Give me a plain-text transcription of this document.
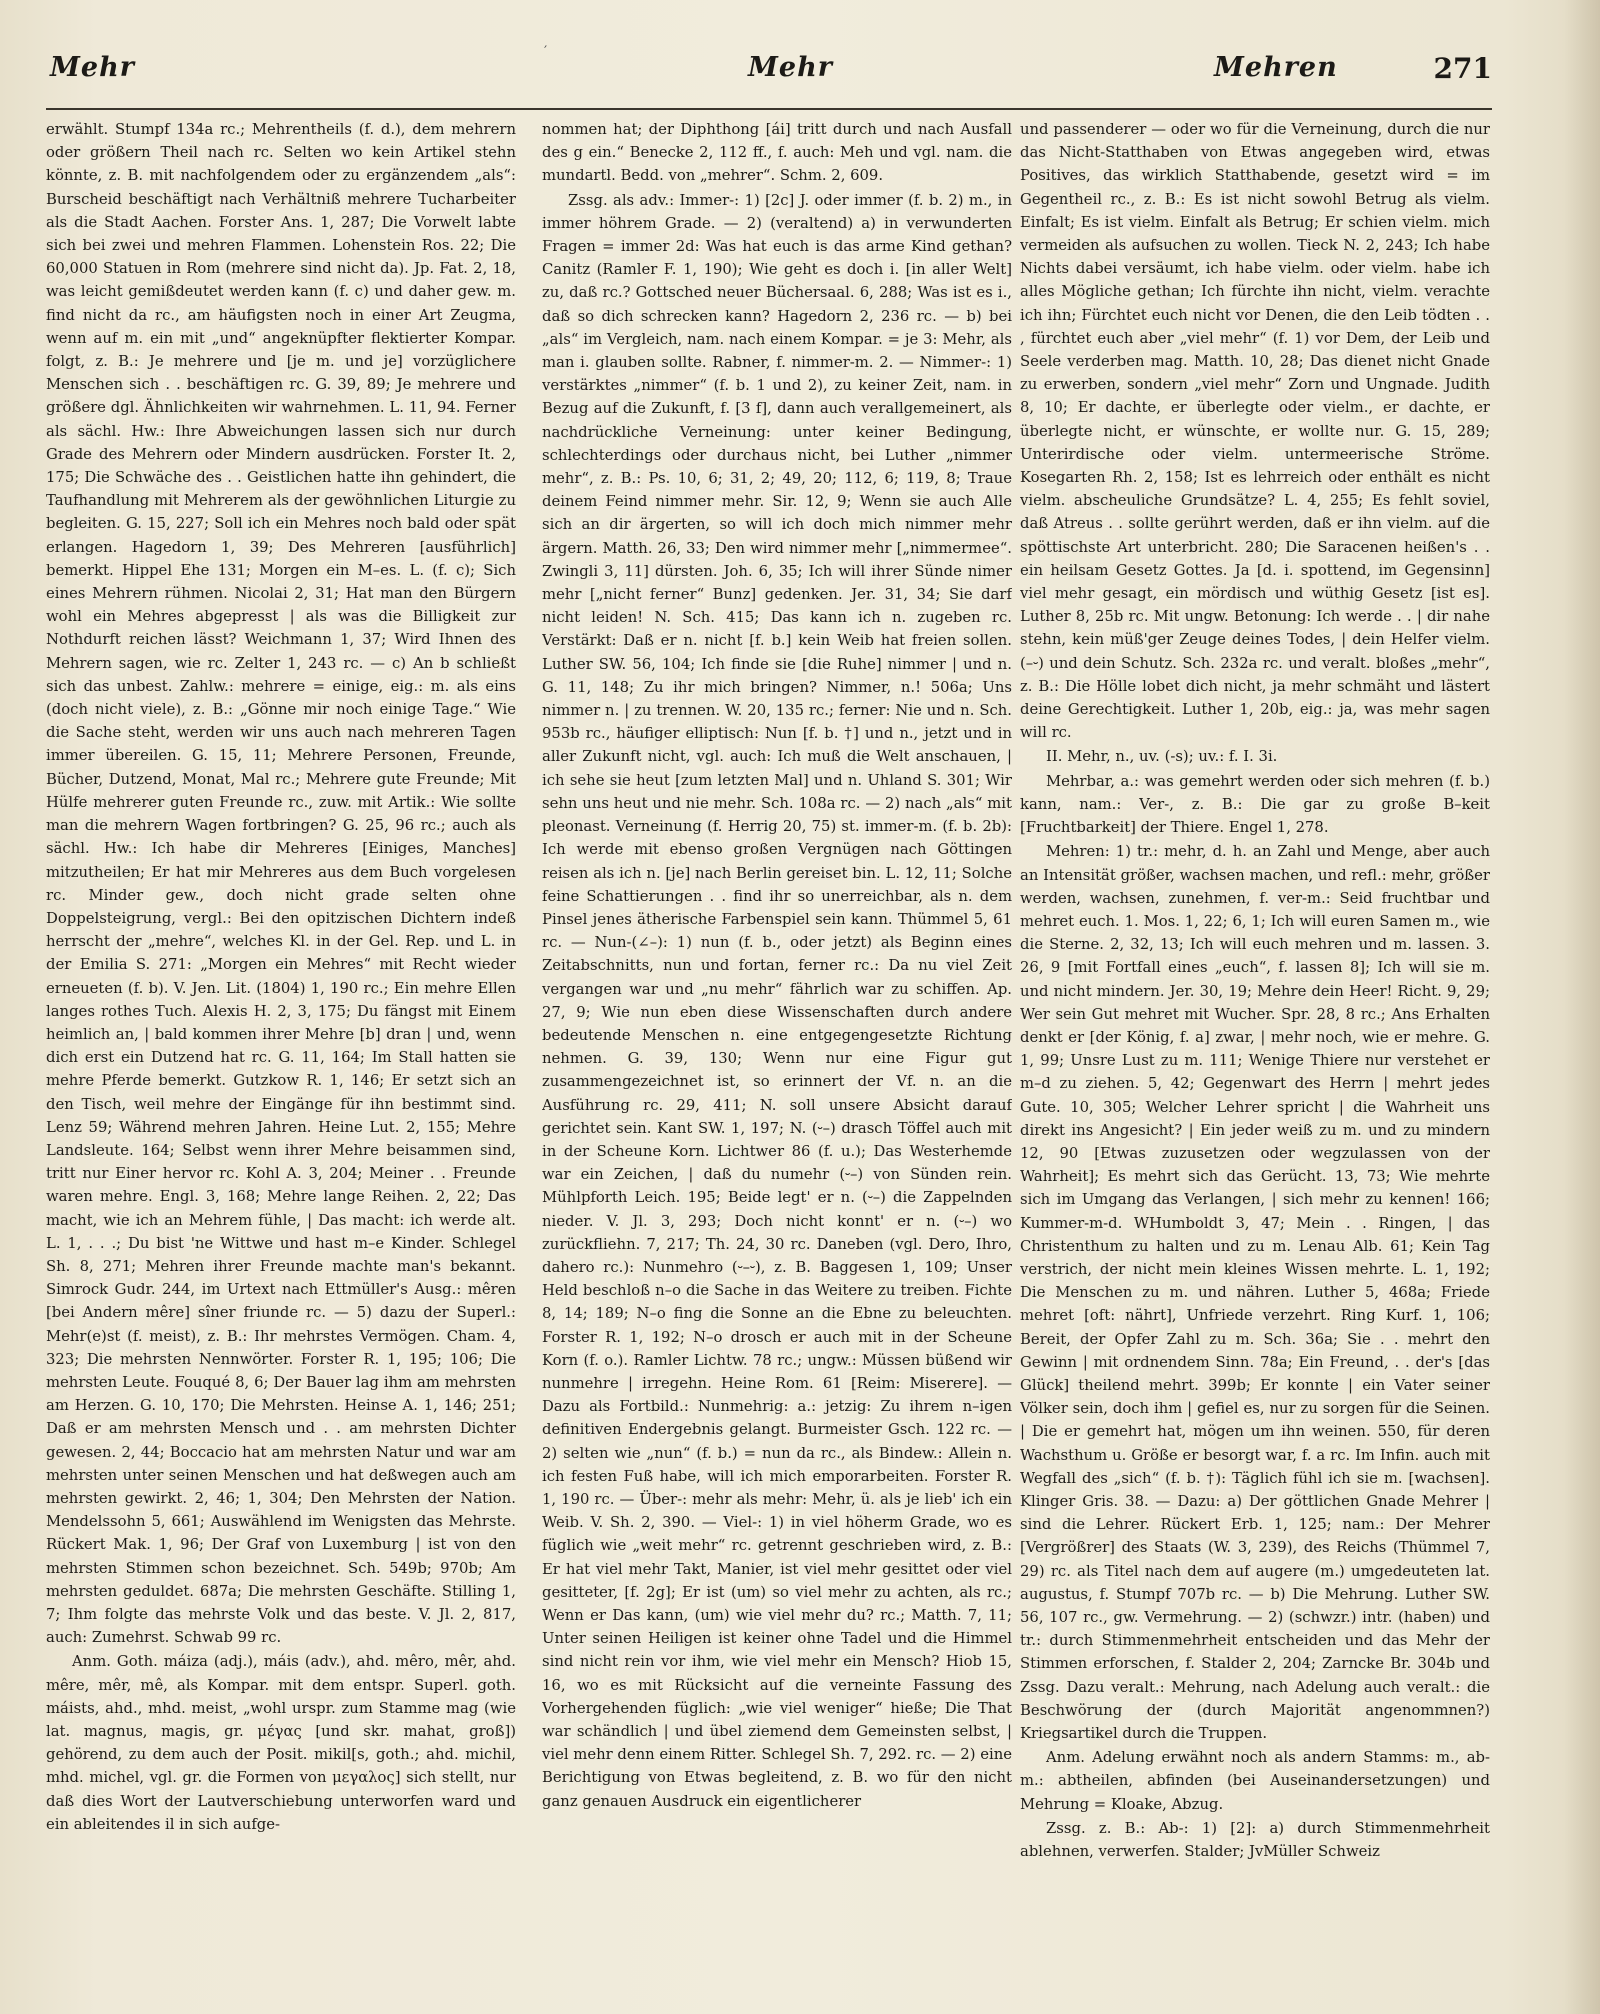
′
Mehr	Mehr	Mehren	271

erwählt. Stumpf 134a rc.; Mehrentheils (f. d.), dem mehrern oder größern Theil nach rc. Selten wo kein Artikel stehn könnte, z. B. mit nachfolgendem oder zu ergänzendem „als“: Burscheid beschäftigt nach Verhältniß mehrere Tucharbeiter als die Stadt Aachen. Forster Ans. 1, 287; Die Vorwelt labte sich bei zwei und mehren Flammen. Lohenstein Ros. 22; Die 60,000 Statuen in Rom (mehrere sind nicht da). Jp. Fat. 2, 18, was leicht gemißdeutet werden kann (f. c) und daher gew. m. find nicht da rc., am häufigsten noch in einer Art Zeugma, wenn auf m. ein mit „und“ angeknüpfter flektierter Kompar. folgt, z. B.: Je mehrere und [je m. und je] vorzüglichere Menschen sich . . beschäftigen rc. G. 39, 89; Je mehrere und größere dgl. Ähnlichkeiten wir wahrnehmen. L. 11, 94. Ferner als sächl. Hw.: Ihre Abweichungen lassen sich nur durch Grade des Mehrern oder Mindern ausdrücken. Forster It. 2, 175; Die Schwäche des . . Geistlichen hatte ihn gehindert, die Taufhandlung mit Mehrerem als der gewöhnlichen Liturgie zu begleiten. G. 15, 227; Soll ich ein Mehres noch bald oder spät erlangen. Hagedorn 1, 39; Des Mehreren [ausführlich] bemerkt. Hippel Ehe 131; Morgen ein M–es. L. (f. c); Sich eines Mehrern rühmen. Nicolai 2, 31; Hat man den Bürgern wohl ein Mehres abgepresst | als was die Billigkeit zur Nothdurft reichen lässt? Weichmann 1, 37; Wird Ihnen des Mehrern sagen, wie rc. Zelter 1, 243 rc. — c) An b schließt sich das unbest. Zahlw.: mehrere = einige, eig.: m. als eins (doch nicht viele), z. B.: „Gönne mir noch einige Tage.“ Wie die Sache steht, werden wir uns auch nach mehreren Tagen immer übereilen. G. 15, 11; Mehrere Personen, Freunde, Bücher, Dutzend, Monat, Mal rc.; Mehrere gute Freunde; Mit Hülfe mehrerer guten Freunde rc., zuw. mit Artik.: Wie sollte man die mehrern Wagen fortbringen? G. 25, 96 rc.; auch als sächl. Hw.: Ich habe dir Mehreres [Einiges, Manches] mitzutheilen; Er hat mir Mehreres aus dem Buch vorgelesen rc. Minder gew., doch nicht grade selten ohne Doppelsteigrung, vergl.: Bei den opitzischen Dichtern indeß herrscht der „mehre“, welches Kl. in der Gel. Rep. und L. in der Emilia S. 271: „Morgen ein Mehres“ mit Recht wieder erneueten (f. b). V. Jen. Lit. (1804) 1, 190 rc.; Ein mehre Ellen langes rothes Tuch. Alexis H. 2, 3, 175; Du fängst mit Einem heimlich an, | bald kommen ihrer Mehre [b] dran | und, wenn dich erst ein Dutzend hat rc. G. 11, 164; Im Stall hatten sie mehre Pferde bemerkt. Gutzkow R. 1, 146; Er setzt sich an den Tisch, weil mehre der Eingänge für ihn bestimmt sind. Lenz 59; Während mehren Jahren. Heine Lut. 2, 155; Mehre Landsleute. 164; Selbst wenn ihrer Mehre beisammen sind, tritt nur Einer hervor rc. Kohl A. 3, 204; Meiner . . Freunde waren mehre. Engl. 3, 168; Mehre lange Reihen. 2, 22; Das macht, wie ich an Mehrem fühle, | Das macht: ich werde alt. L. 1, . . .; Du bist 'ne Wittwe und hast m–e Kinder. Schlegel Sh. 8, 271; Mehren ihrer Freunde machte man's bekannt. Simrock Gudr. 244, im Urtext nach Ettmüller's Ausg.: mêren [bei Andern mêre] sîner friunde rc. — 5) dazu der Superl.: Mehr(e)st (f. meist), z. B.: Ihr mehrstes Vermögen. Cham. 4, 323; Die mehrsten Nennwörter. Forster R. 1, 195; 106; Die mehrsten Leute. Fouqué 8, 6; Der Bauer lag ihm am mehrsten am Herzen. G. 10, 170; Die Mehrsten. Heinse A. 1, 146; 251; Daß er am mehrsten Mensch und . . am mehrsten Dichter gewesen. 2, 44; Boccacio hat am mehrsten Natur und war am mehrsten unter seinen Menschen und hat deßwegen auch am mehrsten gewirkt. 2, 46; 1, 304; Den Mehrsten der Nation. Mendelssohn 5, 661; Auswählend im Wenigsten das Mehrste. Rückert Mak. 1, 96; Der Graf von Luxemburg | ist von den mehrsten Stimmen schon bezeichnet. Sch. 549b; 970b; Am mehrsten geduldet. 687a; Die mehrsten Geschäfte. Stilling 1, 7; Ihm folgte das mehrste Volk und das beste. V. Jl. 2, 817, auch: Zumehrst. Schwab 99 rc.

Anm. Goth. máiza (adj.), máis (adv.), ahd. mêro, mêr, ahd. mêre, mêr, mê, als Kompar. mit dem entspr. Superl. goth. máists, ahd., mhd. meist, „wohl urspr. zum Stamme mag (wie lat. magnus, magis, gr. μέγας [und skr. mahat, groß]) gehörend, zu dem auch der Posit. mikil[s, goth.; ahd. michil, mhd. michel, vgl. gr. die Formen von μεγαλος] sich stellt, nur daß dies Wort der Lautverschiebung unterworfen ward und ein ableitendes il in sich aufge-

nommen hat; der Diphthong [ái] tritt durch und nach Ausfall des g ein.“ Benecke 2, 112 ff., f. auch: Meh und vgl. nam. die mundartl. Bedd. von „mehrer“. Schm. 2, 609.

Zssg. als adv.: Immer-: 1) [2c] J. oder immer (f. b. 2) m., in immer höhrem Grade. — 2) (veraltend) a) in verwunderten Fragen = immer 2d: Was hat euch is das arme Kind gethan? Canitz (Ramler F. 1, 190); Wie geht es doch i. [in aller Welt] zu, daß rc.? Gottsched neuer Büchersaal. 6, 288; Was ist es i., daß so dich schrecken kann? Hagedorn 2, 236 rc. — b) bei „als“ im Vergleich, nam. nach einem Kompar. = je 3: Mehr, als man i. glauben sollte. Rabner, f. nimmer-m. 2. — Nimmer-: 1) verstärktes „nimmer“ (f. b. 1 und 2), zu keiner Zeit, nam. in Bezug auf die Zukunft, f. [3 f], dann auch verallgemeinert, als nachdrückliche Verneinung: unter keiner Bedingung, schlechterdings oder durchaus nicht, bei Luther „nimmer mehr“, z. B.: Ps. 10, 6; 31, 2; 49, 20; 112, 6; 119, 8; Traue deinem Feind nimmer mehr. Sir. 12, 9; Wenn sie auch Alle sich an dir ärgerten, so will ich doch mich nimmer mehr ärgern. Matth. 26, 33; Den wird nimmer mehr [„nimmermee“. Zwingli 3, 11] dürsten. Joh. 6, 35; Ich will ihrer Sünde nimer mehr [„nicht ferner“ Bunz] gedenken. Jer. 31, 34; Sie darf nicht leiden! N. Sch. 415; Das kann ich n. zugeben rc. Verstärkt: Daß er n. nicht [f. b.] kein Weib hat freien sollen. Luther SW. 56, 104; Ich finde sie [die Ruhe] nimmer | und n. G. 11, 148; Zu ihr mich bringen? Nimmer, n.! 506a; Uns nimmer n. | zu trennen. W. 20, 135 rc.; ferner: Nie und n. Sch. 953b rc., häufiger elliptisch: Nun [f. b. †] und n., jetzt und in aller Zukunft nicht, vgl. auch: Ich muß die Welt anschauen, | ich sehe sie heut [zum letzten Mal] und n. Uhland S. 301; Wir sehn uns heut und nie mehr. Sch. 108a rc. — 2) nach „als“ mit pleonast. Verneinung (f. Herrig 20, 75) st. immer-m. (f. b. 2b): Ich werde mit ebenso großen Vergnügen nach Göttingen reisen als ich n. [je] nach Berlin gereiset bin. L. 12, 11; Solche feine Schattierungen . . find ihr so unerreichbar, als n. dem Pinsel jenes ätherische Farbenspiel sein kann. Thümmel 5, 61 rc. — Nun-(∠–): 1) nun (f. b., oder jetzt) als Beginn eines Zeitabschnitts, nun und fortan, ferner rc.: Da nu viel Zeit vergangen war und „nu mehr“ fährlich war zu schiffen. Ap. 27, 9; Wie nun eben diese Wissenschaften durch andere bedeutende Menschen n. eine entgegengesetzte Richtung nehmen. G. 39, 130; Wenn nur eine Figur gut zusammengezeichnet ist, so erinnert der Vf. n. an die Ausführung rc. 29, 411; N. soll unsere Absicht darauf gerichtet sein. Kant SW. 1, 197; N. (⏑–) drasch Töffel auch mit in der Scheune Korn. Lichtwer 86 (f. u.); Das Westerhemde war ein Zeichen, | daß du numehr (⏑–) von Sünden rein. Mühlpforth Leich. 195; Beide legt' er n. (⏑–) die Zappelnden nieder. V. Jl. 3, 293; Doch nicht konnt' er n. (⏑–) wo zurückfliehn. 7, 217; Th. 24, 30 rc. Daneben (vgl. Dero, Ihro, dahero rc.): Nunmehro (⏑–⏑), z. B. Baggesen 1, 109; Unser Held beschloß n–o die Sache in das Weitere zu treiben. Fichte 8, 14; 189; N–o fing die Sonne an die Ebne zu beleuchten. Forster R. 1, 192; N–o drosch er auch mit in der Scheune Korn (f. o.). Ramler Lichtw. 78 rc.; ungw.: Müssen büßend wir nunmehre | irregehn. Heine Rom. 61 [Reim: Miserere]. — Dazu als Fortbild.: Nunmehrig: a.: jetzig: Zu ihrem n–igen definitiven Endergebnis gelangt. Burmeister Gsch. 122 rc. — 2) selten wie „nun“ (f. b.) = nun da rc., als Bindew.: Allein n. ich festen Fuß habe, will ich mich emporarbeiten. Forster R. 1, 190 rc. — Über-: mehr als mehr: Mehr, ü. als je lieb' ich ein Weib. V. Sh. 2, 390. — Viel-: 1) in viel höherm Grade, wo es füglich wie „weit mehr“ rc. getrennt geschrieben wird, z. B.: Er hat viel mehr Takt, Manier, ist viel mehr gesittet oder viel gesitteter, [f. 2g]; Er ist (um) so viel mehr zu achten, als rc.; Wenn er Das kann, (um) wie viel mehr du? rc.; Matth. 7, 11; Unter seinen Heiligen ist keiner ohne Tadel und die Himmel sind nicht rein vor ihm, wie viel mehr ein Mensch? Hiob 15, 16, wo es mit Rücksicht auf die verneinte Fassung des Vorhergehenden füglich: „wie viel weniger“ hieße; Die That war schändlich | und übel ziemend dem Gemeinsten selbst, | viel mehr denn einem Ritter. Schlegel Sh. 7, 292. rc. — 2) eine Berichtigung von Etwas begleitend, z. B. wo für den nicht ganz genauen Ausdruck ein eigentlicherer

und passenderer — oder wo für die Verneinung, durch die nur das Nicht-Statthaben von Etwas angegeben wird, etwas Positives, das wirklich Statthabende, gesetzt wird = im Gegentheil rc., z. B.: Es ist nicht sowohl Betrug als vielm. Einfalt; Es ist vielm. Einfalt als Betrug; Er schien vielm. mich vermeiden als aufsuchen zu wollen. Tieck N. 2, 243; Ich habe Nichts dabei versäumt, ich habe vielm. oder vielm. habe ich alles Mögliche gethan; Ich fürchte ihn nicht, vielm. verachte ich ihn; Fürchtet euch nicht vor Denen, die den Leib tödten . . , fürchtet euch aber „viel mehr“ (f. 1) vor Dem, der Leib und Seele verderben mag. Matth. 10, 28; Das dienet nicht Gnade zu erwerben, sondern „viel mehr“ Zorn und Ungnade. Judith 8, 10; Er dachte, er überlegte oder vielm., er dachte, er überlegte nicht, er wünschte, er wollte nur. G. 15, 289; Unterirdische oder vielm. untermeerische Ströme. Kosegarten Rh. 2, 158; Ist es lehrreich oder enthält es nicht vielm. abscheuliche Grundsätze? L. 4, 255; Es fehlt soviel, daß Atreus . . sollte gerührt werden, daß er ihn vielm. auf die spöttischste Art unterbricht. 280; Die Saracenen heißen's . . ein heilsam Gesetz Gottes. Ja [d. i. spottend, im Gegensinn] viel mehr gesagt, ein mördisch und wüthig Gesetz [ist es]. Luther 8, 25b rc. Mit ungw. Betonung: Ich werde . . | dir nahe stehn, kein müß'ger Zeuge deines Todes, | dein Helfer vielm. (–⏑) und dein Schutz. Sch. 232a rc. und veralt. bloßes „mehr“, z. B.: Die Hölle lobet dich nicht, ja mehr schmäht und lästert deine Gerechtigkeit. Luther 1, 20b, eig.: ja, was mehr sagen will rc.

II. Mehr, n., uv. (-s); uv.: f. I. 3i.

Mehrbar, a.: was gemehrt werden oder sich mehren (f. b.) kann, nam.: Ver-, z. B.: Die gar zu große B–keit [Fruchtbarkeit] der Thiere. Engel 1, 278.

Mehren: 1) tr.: mehr, d. h. an Zahl und Menge, aber auch an Intensität größer, wachsen machen, und refl.: mehr, größer werden, wachsen, zunehmen, f. ver-m.: Seid fruchtbar und mehret euch. 1. Mos. 1, 22; 6, 1; Ich will euren Samen m., wie die Sterne. 2, 32, 13; Ich will euch mehren und m. lassen. 3. 26, 9 [mit Fortfall eines „euch“, f. lassen 8]; Ich will sie m. und nicht mindern. Jer. 30, 19; Mehre dein Heer! Richt. 9, 29; Wer sein Gut mehret mit Wucher. Spr. 28, 8 rc.; Ans Erhalten denkt er [der König, f. a] zwar, | mehr noch, wie er mehre. G. 1, 99; Unsre Lust zu m. 111; Wenige Thiere nur verstehet er m–d zu ziehen. 5, 42; Gegenwart des Herrn | mehrt jedes Gute. 10, 305; Welcher Lehrer spricht | die Wahrheit uns direkt ins Angesicht? | Ein jeder weiß zu m. und zu mindern 12, 90 [Etwas zuzusetzen oder wegzulassen von der Wahrheit]; Es mehrt sich das Gerücht. 13, 73; Wie mehrte sich im Umgang das Verlangen, | sich mehr zu kennen! 166; Kummer-m-d. WHumboldt 3, 47; Mein . . Ringen, | das Christenthum zu halten und zu m. Lenau Alb. 61; Kein Tag verstrich, der nicht mein kleines Wissen mehrte. L. 1, 192; Die Menschen zu m. und nähren. Luther 5, 468a; Friede mehret [oft: nährt], Unfriede verzehrt. Ring Kurf. 1, 106; Bereit, der Opfer Zahl zu m. Sch. 36a; Sie . . mehrt den Gewinn | mit ordnendem Sinn. 78a; Ein Freund, . . der's [das Glück] theilend mehrt. 399b; Er konnte | ein Vater seiner Völker sein, doch ihm | gefiel es, nur zu sorgen für die Seinen. | Die er gemehrt hat, mögen um ihn weinen. 550, für deren Wachsthum u. Größe er besorgt war, f. a rc. Im Infin. auch mit Wegfall des „sich“ (f. b. †): Täglich fühl ich sie m. [wachsen]. Klinger Gris. 38. — Dazu: a) Der göttlichen Gnade Mehrer | sind die Lehrer. Rückert Erb. 1, 125; nam.: Der Mehrer [Vergrößrer] des Staats (W. 3, 239), des Reichs (Thümmel 7, 29) rc. als Titel nach dem auf augere (m.) umgedeuteten lat. augustus, f. Stumpf 707b rc. — b) Die Mehrung. Luther SW. 56, 107 rc., gw. Vermehrung. — 2) (schwzr.) intr. (haben) und tr.: durch Stimmenmehrheit entscheiden und das Mehr der Stimmen erforschen, f. Stalder 2, 204; Zarncke Br. 304b und Zssg. Dazu veralt.: Mehrung, nach Adelung auch veralt.: die Beschwörung der (durch Majorität angenommnen?) Kriegsartikel durch die Truppen.

Anm. Adelung erwähnt noch als andern Stamms: m., ab-m.: abtheilen, abfinden (bei Auseinandersetzungen) und Mehrung = Kloake, Abzug.

Zssg. z. B.: Ab-: 1) [2]: a) durch Stimmenmehrheit ablehnen, verwerfen. Stalder; JvMüller Schweiz
